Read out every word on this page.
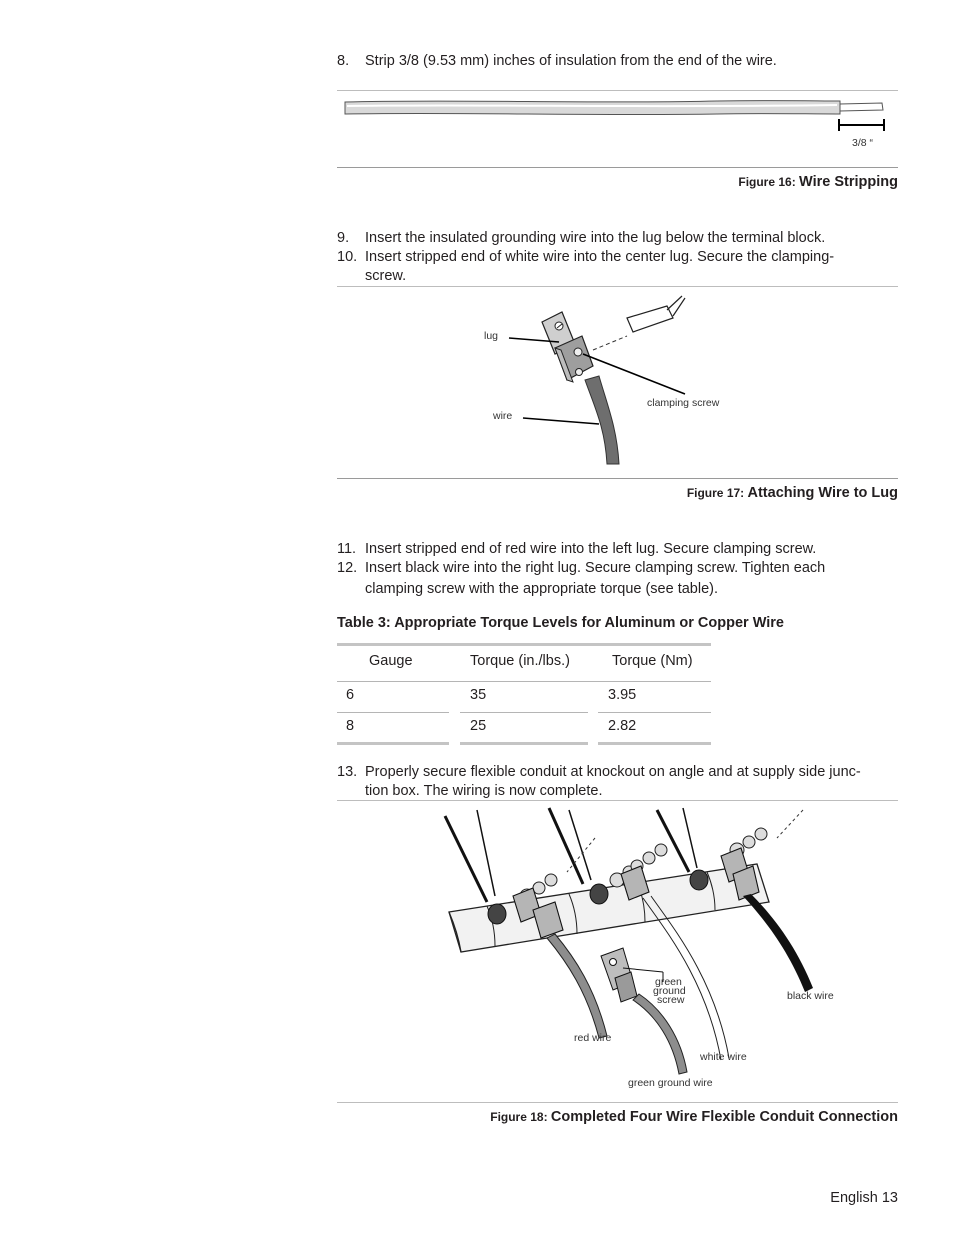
8.	Strip 3/8 (9.53 mm) inches of insulation from the end of the wire.
3/8 “
Figure 16: Wire Stripping
9.	Insert the insulated grounding wire into the lug below the terminal block.
10. Insert stripped end of white wire into the center lug. Secure the clamping-
screw.
lug
wire
clamping screw
Figure 17: Attaching Wire to Lug
11. Insert stripped end of red wire into the left lug. Secure clamping screw.
12. Insert black wire into the right lug. Secure clamping screw. Tighten each
clamping screw with the appropriate torque (see table).
Table 3: Appropriate Torque Levels for Aluminum or Copper Wire
Gauge	Torque (in./lbs.)	Torque (Nm)
6	35	3.95
8	25	2.82
13. Properly secure flexible conduit at knockout on angle and at supply side junc-
tion box. The wiring is now complete.
green
ground
screw	black wire
red wire
white wire
green ground wire
Figure 18: Completed Four Wire Flexible Conduit Connection
English 13
